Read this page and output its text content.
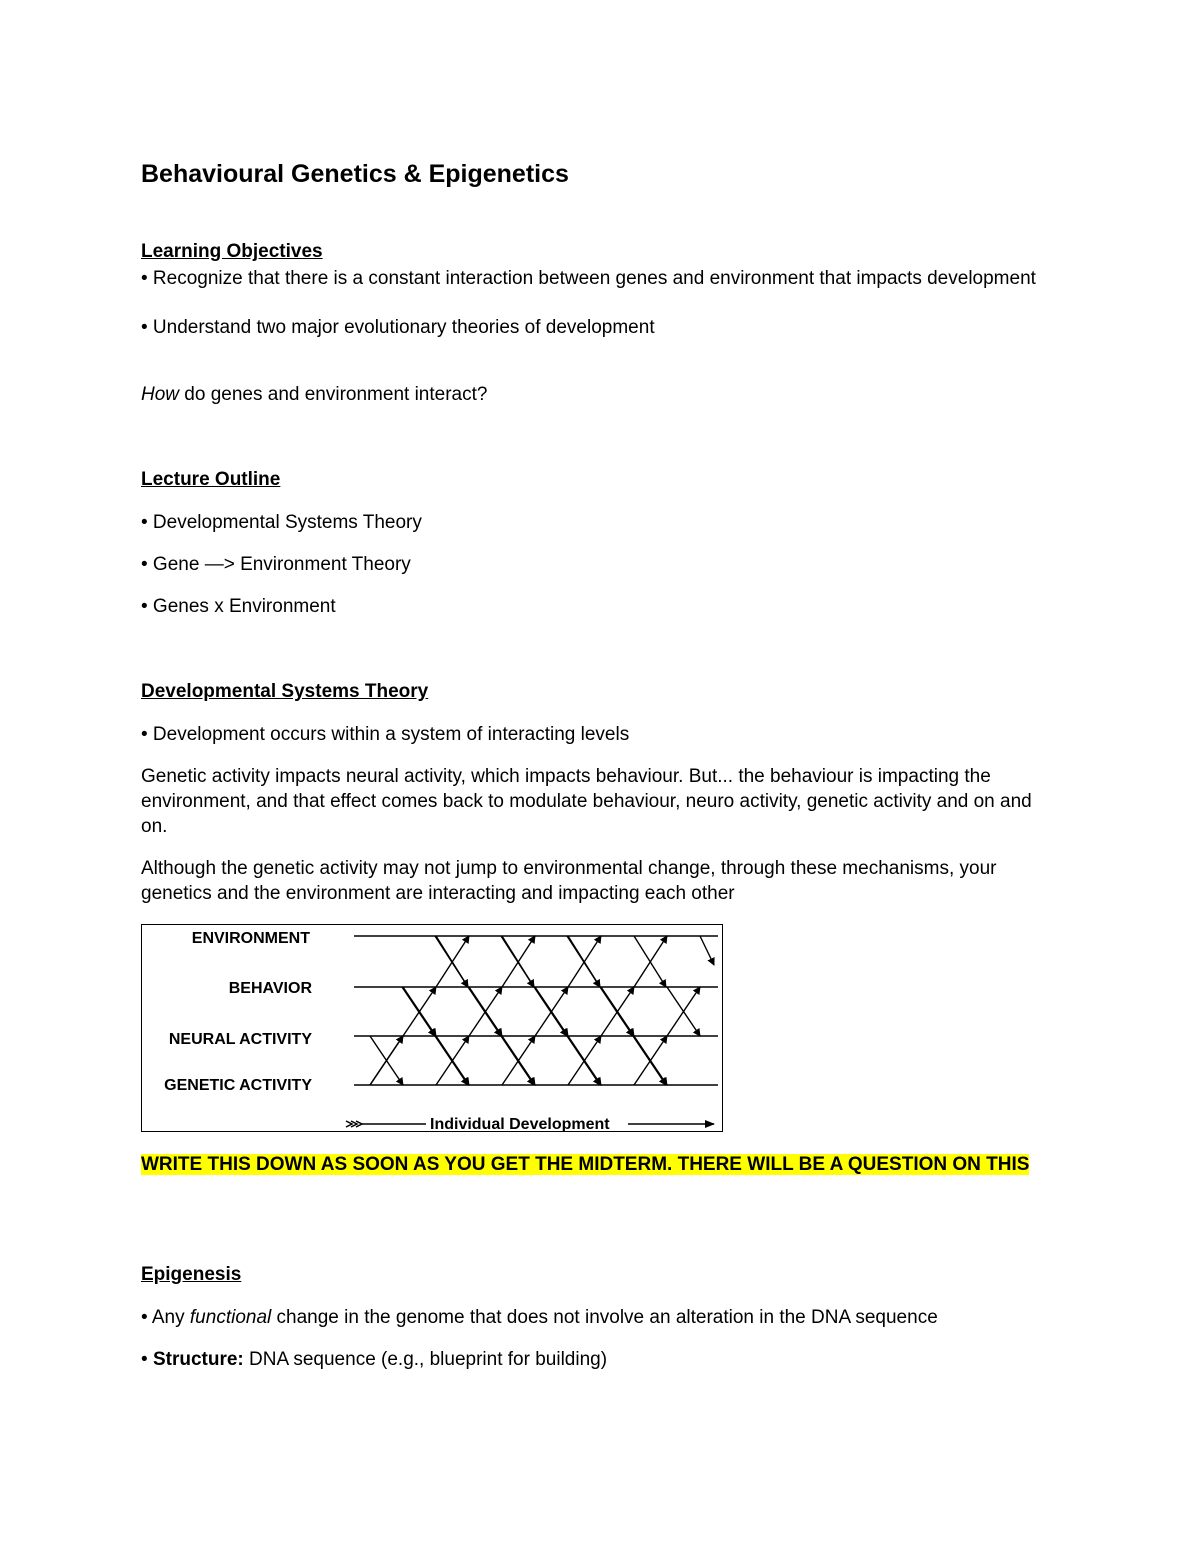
Behavioural Genetics & Epigenetics
Learning Objectives
• Recognize that there is a constant interaction between genes and environment that impacts development
• Understand two major evolutionary theories of development
How do genes and environment interact?
Lecture Outline
• Developmental Systems Theory
• Gene —> Environment Theory
• Genes x Environment
Developmental Systems Theory
• Development occurs within a system of interacting levels
Genetic activity impacts neural activity, which impacts behaviour. But... the behaviour is impacting the environment, and that effect comes back to modulate behaviour, neuro activity, genetic activity and on and on.
Although the genetic activity may not jump to environmental change, through these mechanisms, your genetics and the environment are interacting and impacting each other
ENVIRONMENT
BEHAVIOR
NEURAL ACTIVITY
GENETIC ACTIVITY
Individual Development
WRITE THIS DOWN AS SOON AS YOU GET THE MIDTERM. THERE WILL BE A QUESTION ON THIS
Epigenesis
• Any functional change in the genome that does not involve an alteration in the DNA sequence
• Structure: DNA sequence (e.g., blueprint for building)
